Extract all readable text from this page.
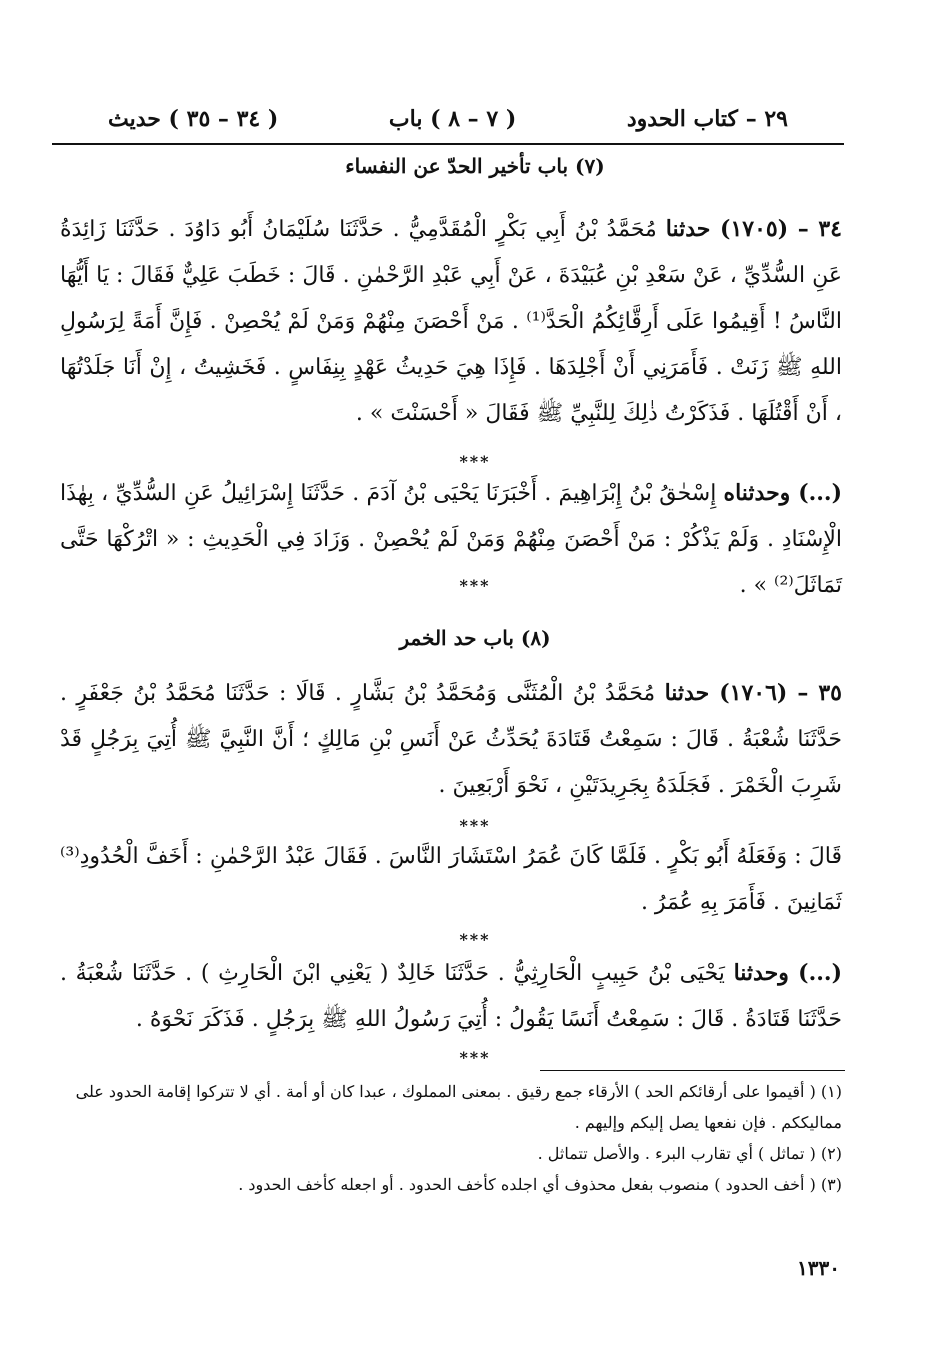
٢٩ – كتاب الحدود
( ٧ – ٨ ) باب
( ٣٤ – ٣٥ ) حديث
(٧) باب تأخير الحدّ عن النفساء
٣٤ – (١٧٠٥) حدثنا مُحَمَّدُ بْنُ أَبِي بَكْرٍ الْمُقَدَّمِيُّ . حَدَّثَنَا سُلَيْمَانُ أَبُو دَاوُدَ . حَدَّثَنَا زَائِدَةُ عَنِ السُّدِّيِّ ، عَنْ سَعْدِ بْنِ عُبَيْدَةَ ، عَنْ أَبِي عَبْدِ الرَّحْمٰنِ . قَالَ : خَطَبَ عَلِيٌّ فَقَالَ : يَا أَيُّهَا النَّاسُ ! أَقِيمُوا عَلَى أَرِقَّائِكُمُ الْحَدَّ⁽¹⁾ . مَنْ أَحْصَنَ مِنْهُمْ وَمَنْ لَمْ يُحْصِنْ . فَإِنَّ أَمَةً لِرَسُولِ اللهِ ﷺ زَنَتْ . فَأَمَرَنِي أَنْ أَجْلِدَهَا . فَإِذَا هِيَ حَدِيثُ عَهْدٍ بِنِفَاسٍ . فَخَشِيتُ ، إِنْ أَنَا جَلَدْتُهَا ، أَنْ أَقْتُلَهَا . فَذَكَرْتُ ذٰلِكَ لِلنَّبِيِّ ﷺ فَقَالَ « أَحْسَنْتَ » .
***
(...) وحدثناه إِسْحٰقُ بْنُ إِبْرَاهِيمَ . أَخْبَرَنَا يَحْيَى بْنُ آدَمَ . حَدَّثَنَا إِسْرَائِيلُ عَنِ السُّدِّيِّ ، بِهٰذَا الْإِسْنَادِ . وَلَمْ يَذْكُرْ : مَنْ أَحْصَنَ مِنْهُمْ وَمَنْ لَمْ يُحْصِنْ . وَزَادَ فِي الْحَدِيثِ : « اتْرُكْهَا حَتَّى تَمَاثَلَ⁽²⁾ » .
***
(٨) باب حد الخمر
٣٥ – (١٧٠٦) حدثنا مُحَمَّدُ بْنُ الْمُثَنَّى وَمُحَمَّدُ بْنُ بَشَّارٍ . قَالَا : حَدَّثَنَا مُحَمَّدُ بْنُ جَعْفَرٍ . حَدَّثَنَا شُعْبَةُ . قَالَ : سَمِعْتُ قَتَادَةَ يُحَدِّثُ عَنْ أَنَسِ بْنِ مَالِكٍ ؛ أَنَّ النَّبِيَّ ﷺ أُتِيَ بِرَجُلٍ قَدْ شَرِبَ الْخَمْرَ . فَجَلَدَهُ بِجَرِيدَتَيْنِ ، نَحْوَ أَرْبَعِينَ .
***
قَالَ : وَفَعَلَهُ أَبُو بَكْرٍ . فَلَمَّا كَانَ عُمَرُ اسْتَشَارَ النَّاسَ . فَقَالَ عَبْدُ الرَّحْمٰنِ : أَخَفَّ الْحُدُودِ⁽³⁾ ثَمَانِينَ . فَأَمَرَ بِهِ عُمَرُ .
***
(...) وحدثنا يَحْيَى بْنُ حَبِيبٍ الْحَارِثِيُّ . حَدَّثَنَا خَالِدٌ ( يَعْنِي ابْنَ الْحَارِثِ ) . حَدَّثَنَا شُعْبَةُ . حَدَّثَنَا قَتَادَةُ . قَالَ : سَمِعْتُ أَنَسًا يَقُولُ : أُتِيَ رَسُولُ اللهِ ﷺ بِرَجُلٍ . فَذَكَرَ نَحْوَهُ .
***

(١) ( أقيموا على أرقائكم الحد ) الأرقاء جمع رقيق . بمعنى المملوك ، عبدا كان أو أمة . أي لا تتركوا إقامة الحدود على مماليككم . فإن نفعها يصل إليكم وإليهم .

(٢) ( تماثل ) أي تقارب البرء . والأصل تتماثل .

(٣) ( أخف الحدود ) منصوب بفعل محذوف أي اجلده كأخف الحدود . أو اجعله كأخف الحدود .

١٣٣٠
